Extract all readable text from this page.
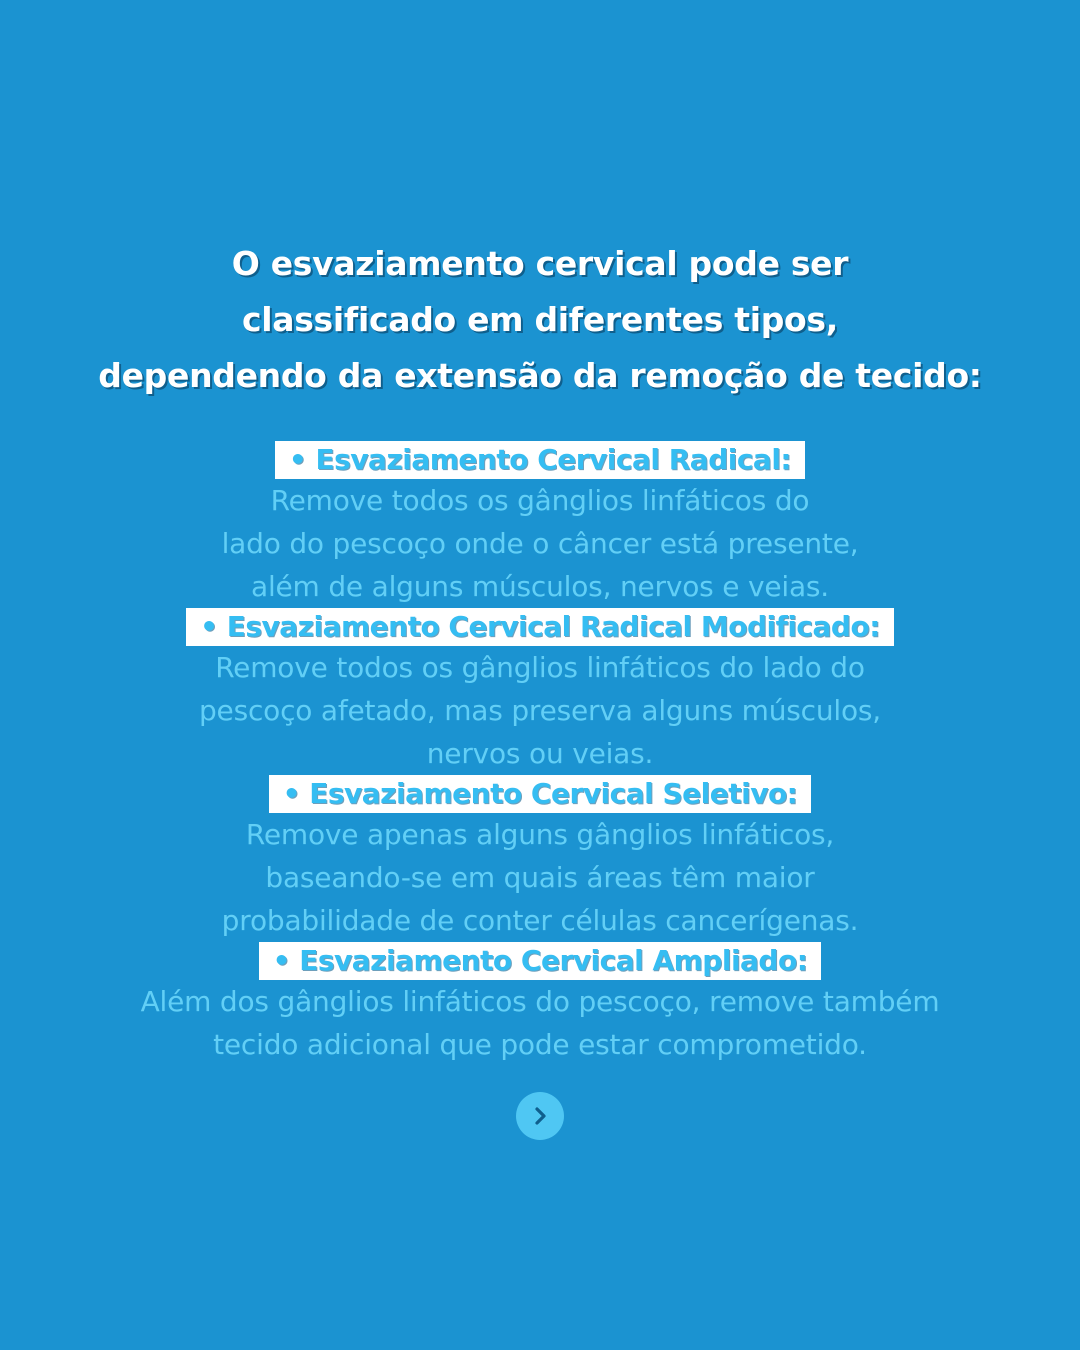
O esvaziamento cervical pode ser
classificado em diferentes tipos,
dependendo da extensão da remoção de tecido:
• Esvaziamento Cervical Radical:
Remove todos os gânglios linfáticos do
lado do pescoço onde o câncer está presente,
além de alguns músculos, nervos e veias.
• Esvaziamento Cervical Radical Modificado:
Remove todos os gânglios linfáticos do lado do
pescoço afetado, mas preserva alguns músculos,
nervos ou veias.
• Esvaziamento Cervical Seletivo:
Remove apenas alguns gânglios linfáticos,
baseando-se em quais áreas têm maior
probabilidade de conter células cancerígenas.
• Esvaziamento Cervical Ampliado:
Além dos gânglios linfáticos do pescoço, remove também
tecido adicional que pode estar comprometido.
